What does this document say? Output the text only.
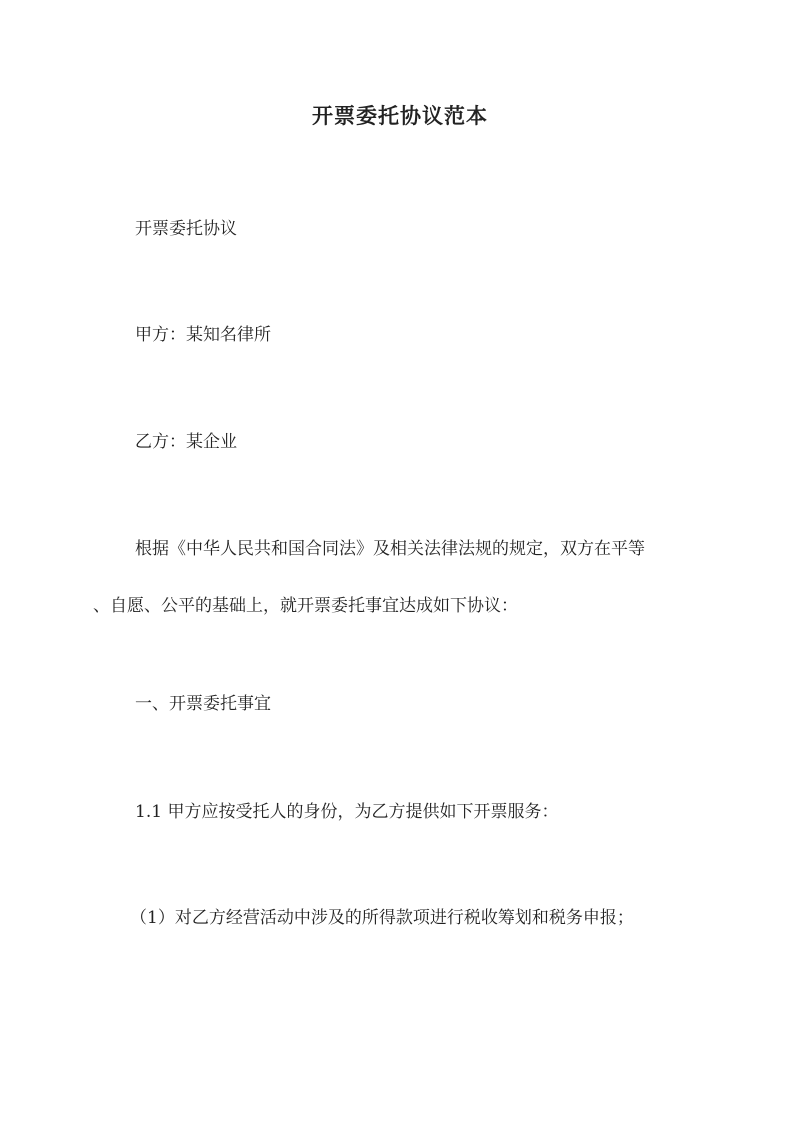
开票委托协议范本
开票委托协议
甲方：某知名律所
乙方：某企业
根据《中华人民共和国合同法》及相关法律法规的规定，双方在平等
、自愿、公平的基础上，就开票委托事宜达成如下协议：
一、开票委托事宜
1.1 甲方应按受托人的身份，为乙方提供如下开票服务：
（1）对乙方经营活动中涉及的所得款项进行税收筹划和税务申报；
